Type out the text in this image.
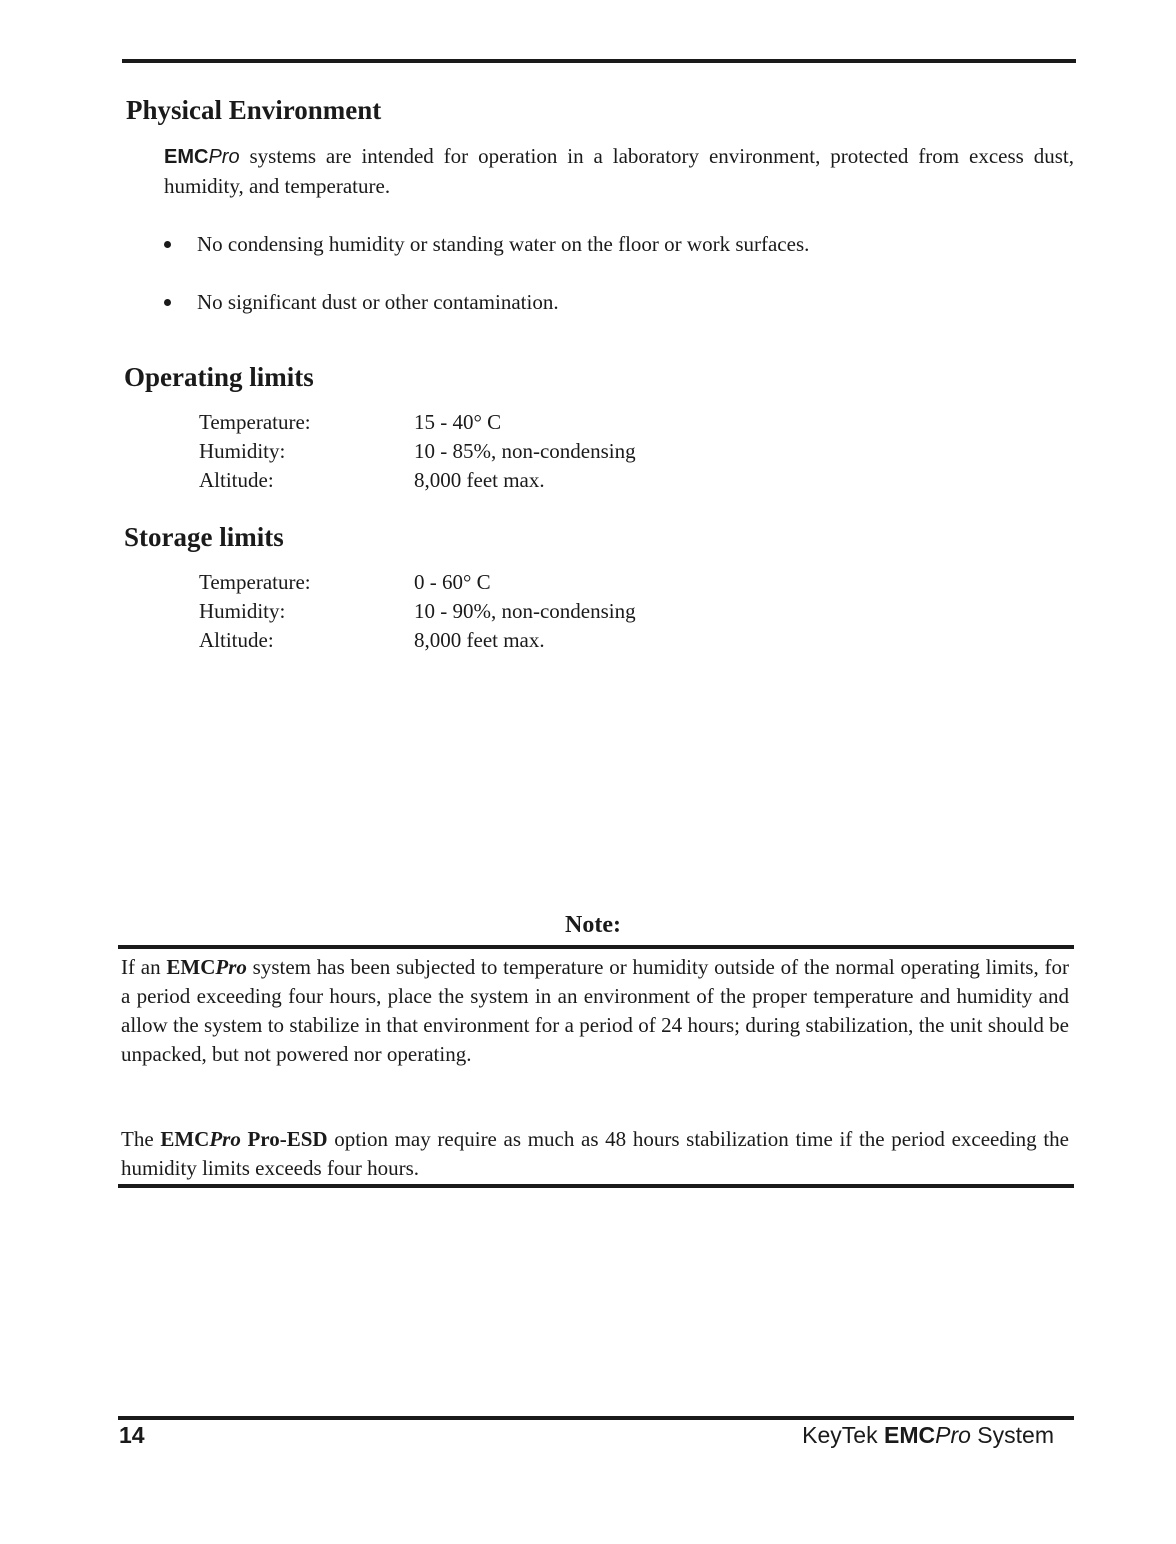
Physical Environment

EMCPro systems are intended for operation in a laboratory environment, protected from excess dust, humidity, and temperature.

No condensing humidity or standing water on the floor or work surfaces.
No significant dust or other contamination.
Operating limits
Temperature:	15 - 40° C
Humidity:	10 - 85%, non-condensing
Altitude:	8,000 feet max.
Storage limits
Temperature:	0 - 60° C
Humidity:	10 - 90%, non-condensing
Altitude:	8,000 feet max.
Note:

If an EMCPro system has been subjected to temperature or humidity outside of the normal operating limits, for a period exceeding four hours, place the system in an environment of the proper temperature and humidity and allow the system to stabilize in that environment for a period of 24 hours; during stabilization, the unit should be unpacked, but not powered nor operating.

The EMCPro Pro-ESD option may require as much as 48 hours stabilization time if the period exceeding the humidity limits exceeds four hours.

14	KeyTek EMCPro System
